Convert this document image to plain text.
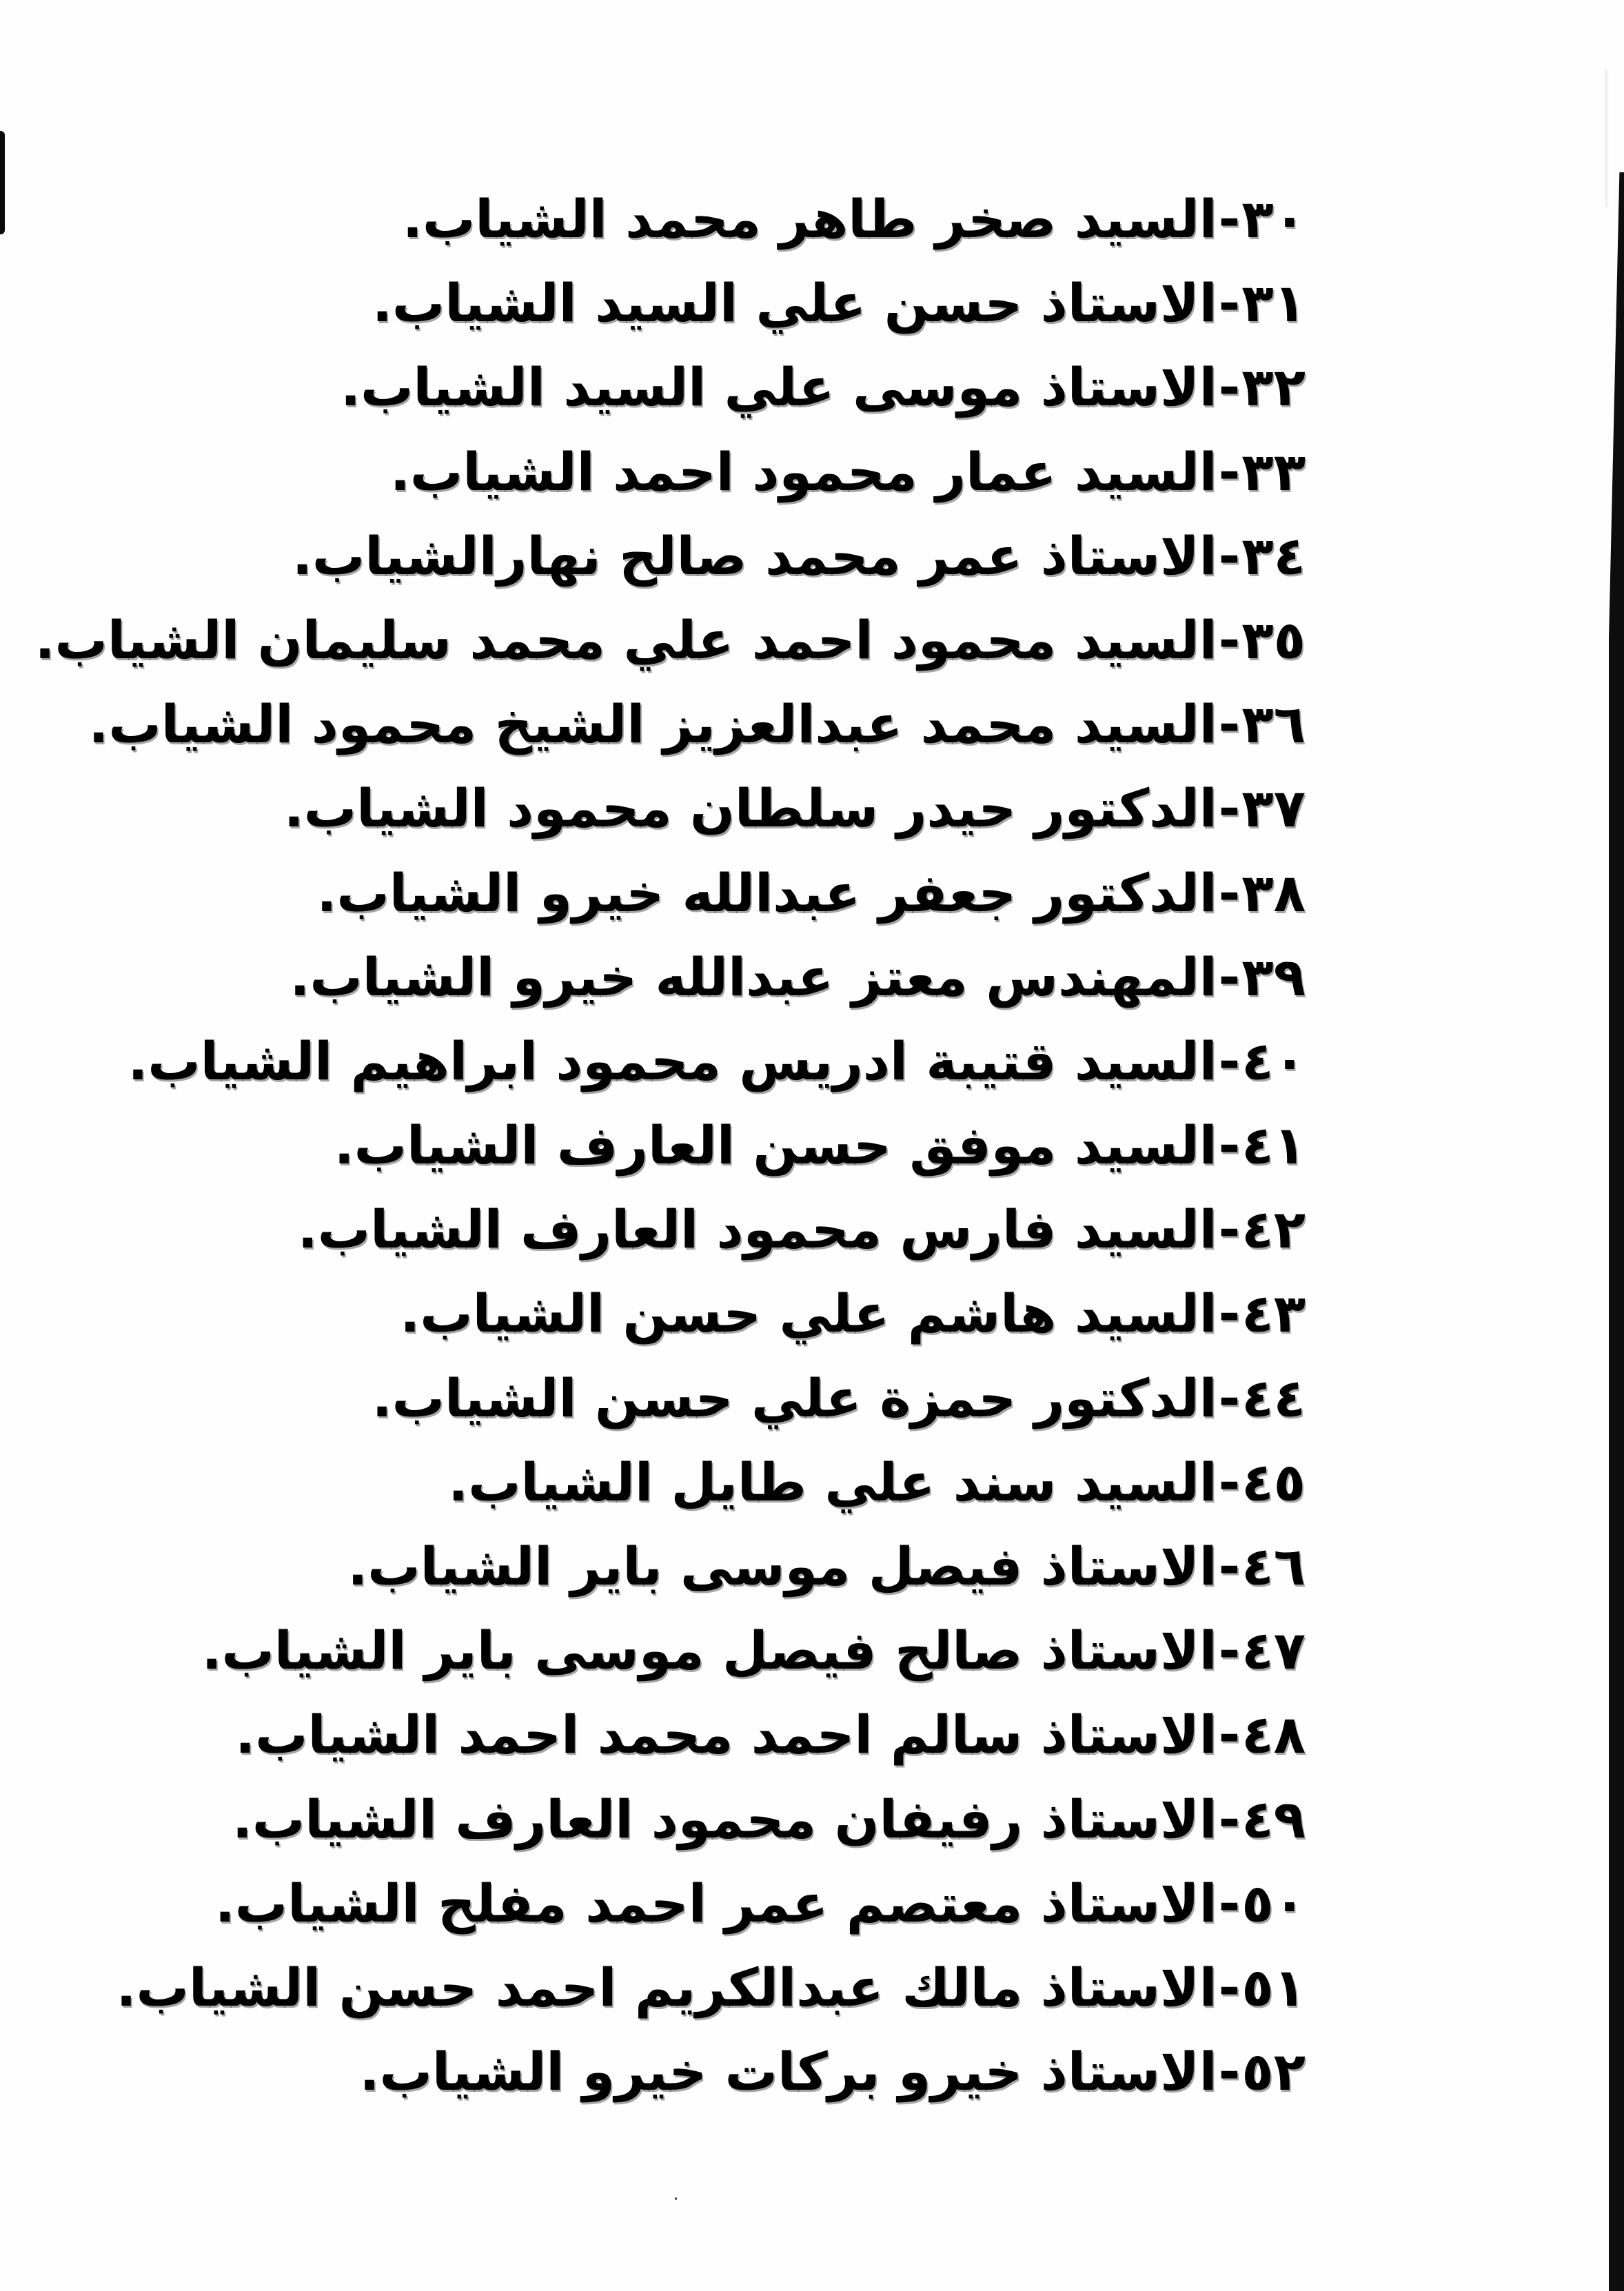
٣٠-السيد صخر طاهر محمد الشياب.
٣١-الاستاذ حسن علي السيد الشياب.
٣٢-الاستاذ موسى علي السيد الشياب.
٣٣-السيد عمار محمود احمد الشياب.
٣٤-الاستاذ عمر محمد صالح نهارالشياب.
٣٥-السيد محمود احمد علي محمد سليمان الشياب.
٣٦-السيد محمد عبدالعزيز الشيخ محمود الشياب.
٣٧-الدكتور حيدر سلطان محمود الشياب.
٣٨-الدكتور جعفر عبدالله خيرو الشياب.
٣٩-المهندس معتز عبدالله خيرو الشياب.
٤٠-السيد قتيبة ادريس محمود ابراهيم الشياب.
٤١-السيد موفق حسن العارف الشياب.
٤٢-السيد فارس محمود العارف الشياب.
٤٣-السيد هاشم علي حسن الشياب.
٤٤-الدكتور حمزة علي حسن الشياب.
٤٥-السيد سند علي طايل الشياب.
٤٦-الاستاذ فيصل موسى باير الشياب.
٤٧-الاستاذ صالح فيصل موسى باير الشياب.
٤٨-الاستاذ سالم احمد محمد احمد الشياب.
٤٩-الاستاذ رفيفان محمود العارف الشياب.
٥٠-الاستاذ معتصم عمر احمد مفلح الشياب.
٥١-الاستاذ مالك عبدالكريم احمد حسن الشياب.
٥٢-الاستاذ خيرو بركات خيرو الشياب.
